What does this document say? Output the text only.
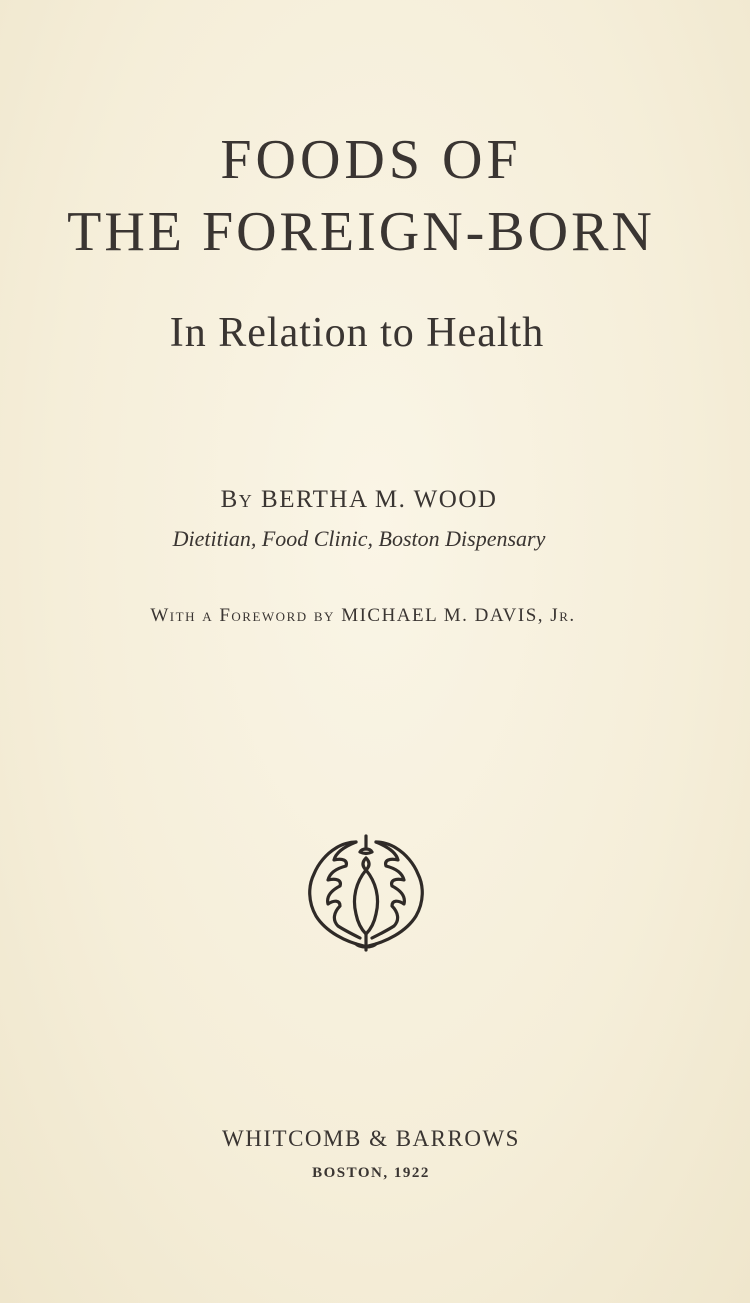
FOODS OF
THE FOREIGN-BORN
In Relation to Health
By BERTHA M. WOOD
Dietitian, Food Clinic, Boston Dispensary
With a Foreword by MICHAEL M. DAVIS, Jr.
WHITCOMB & BARROWS
BOSTON, 1922
